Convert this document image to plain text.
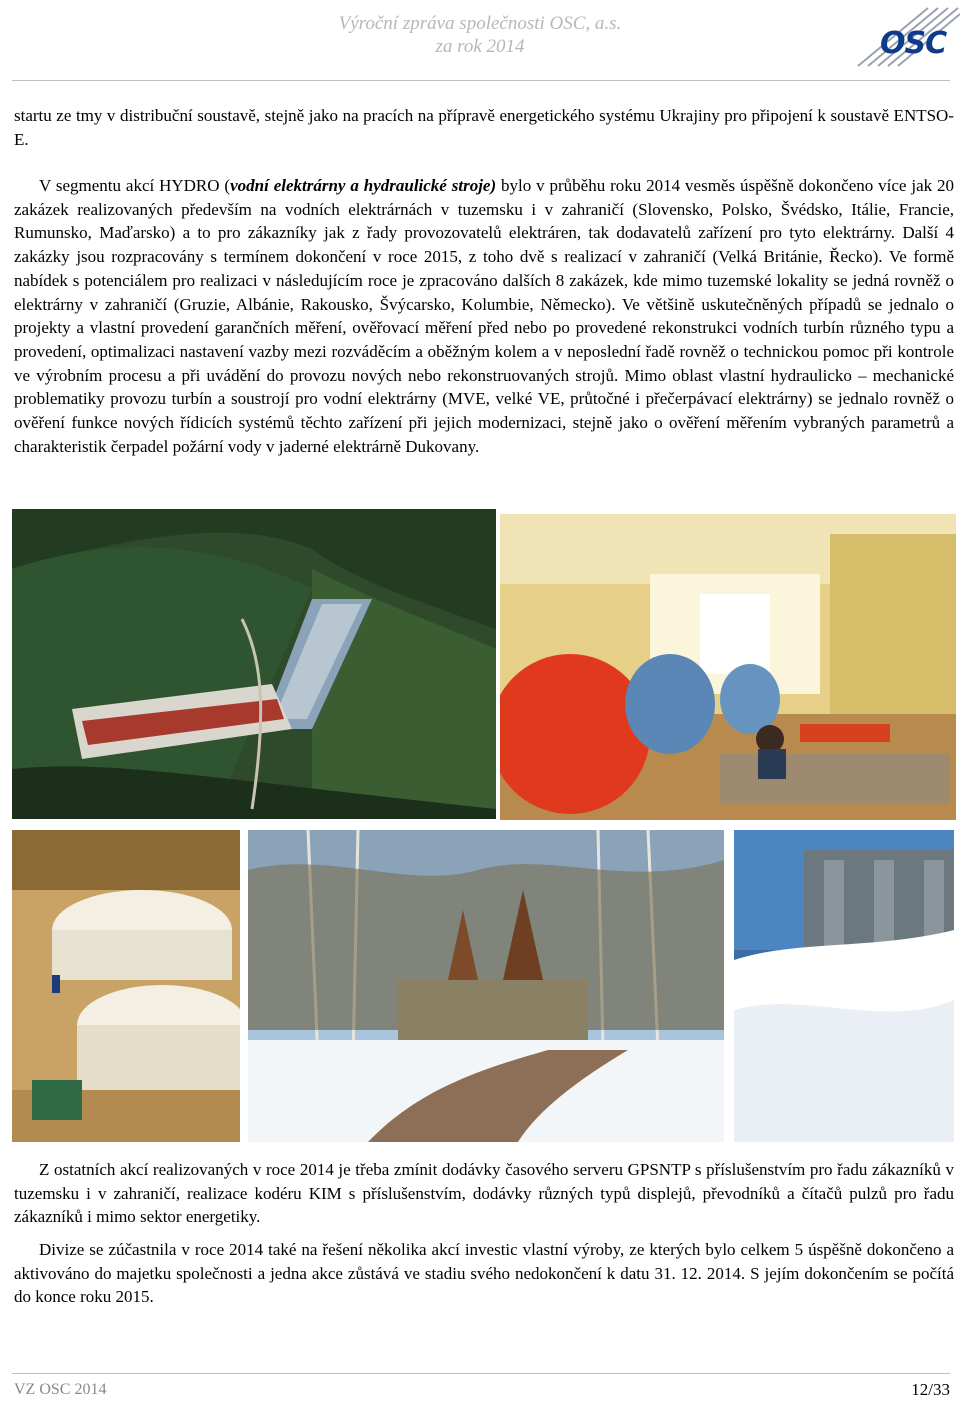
Výroční zpráva společnosti OSC, a.s.
za rok 2014	OSC

startu ze tmy v distribuční soustavě, stejně jako na pracích na přípravě energetického systému Ukrajiny pro připojení k soustavě ENTSO-E.

V segmentu akcí HYDRO (vodní elektrárny a hydraulické stroje) bylo v průběhu roku 2014 vesměs úspěšně dokončeno více jak 20 zakázek realizovaných především na vodních elektrárnách v tuzemsku i v zahraničí (Slovensko, Polsko, Švédsko, Itálie, Francie, Rumunsko, Maďarsko) a to pro zákazníky jak z řady provozovatelů elektráren, tak dodavatelů zařízení pro tyto elektrárny. Další 4 zakázky jsou rozpracovány s termínem dokončení v roce 2015, z toho dvě s realizací v zahraničí (Velká Británie, Řecko). Ve formě nabídek s potenciálem pro realizaci v následujícím roce je zpracováno dalších 8 zakázek, kde mimo tuzemské lokality se jedná rovněž o elektrárny v zahraničí (Gruzie, Albánie, Rakousko, Švýcarsko, Kolumbie, Německo). Ve většině uskutečněných případů se jednalo o projekty a vlastní provedení garančních měření, ověřovací měření před nebo po provedené rekonstrukci vodních turbín různého typu a provedení, optimalizaci nastavení vazby mezi rozváděcím a oběžným kolem a v neposlední řadě rovněž o technickou pomoc při kontrole ve výrobním procesu a při uvádění do provozu nových nebo rekonstruovaných strojů. Mimo oblast vlastní hydraulicko – mechanické problematiky provozu turbín a soustrojí pro vodní elektrárny (MVE, velké VE, průtočné i přečerpávací elektrárny) se jednalo rovněž o ověření funkce nových řídicích systémů těchto zařízení při jejich modernizaci, stejně jako o ověření měřením vybraných parametrů a charakteristik čerpadel požární vody v jaderné elektrárně Dukovany.

Z ostatních akcí realizovaných v roce 2014 je třeba zmínit dodávky časového serveru GPSNTP s příslušenstvím pro řadu zákazníků v tuzemsku i v zahraničí, realizace kodéru KIM s příslušenstvím, dodávky různých typů displejů, převodníků a čítačů pulzů pro řadu zákazníků i mimo sektor energetiky.

Divize se zúčastnila v roce 2014 také na řešení několika akcí investic vlastní výroby, ze kterých bylo celkem 5 úspěšně dokončeno a aktivováno do majetku společnosti a jedna akce zůstává ve stadiu svého nedokončení k datu 31. 12. 2014. S jejím dokončením se počítá do konce roku 2015.

VZ OSC 2014	12/33
